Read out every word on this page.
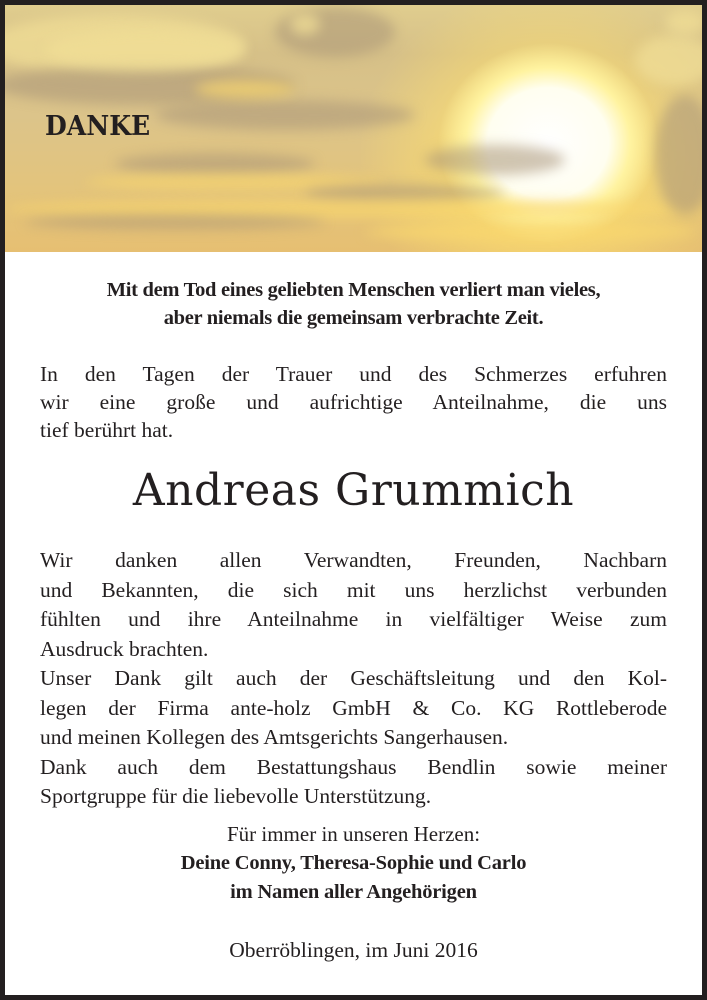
DANKE
Mit dem Tod eines geliebten Menschen verliert man vieles,
aber niemals die gemeinsam verbrachte Zeit.
In den Tagen der Trauer und des Schmerzes erfuhren
wir eine große und aufrichtige Anteilnahme, die uns
tief berührt hat.
Andreas Grummich
Wir danken allen Verwandten, Freunden, Nachbarn
und Bekannten, die sich mit uns herzlichst verbunden
fühlten und ihre Anteilnahme in vielfältiger Weise zum
Ausdruck brachten.
Unser Dank gilt auch der Geschäftsleitung und den Kol-
legen der Firma ante-holz GmbH & Co. KG Rottleberode
und meinen Kollegen des Amtsgerichts Sangerhausen.
Dank auch dem Bestattungshaus Bendlin sowie meiner
Sportgruppe für die liebevolle Unterstützung.
Für immer in unseren Herzen:
Deine Conny, Theresa-Sophie und Carlo
im Namen aller Angehörigen
Oberröblingen, im Juni 2016
